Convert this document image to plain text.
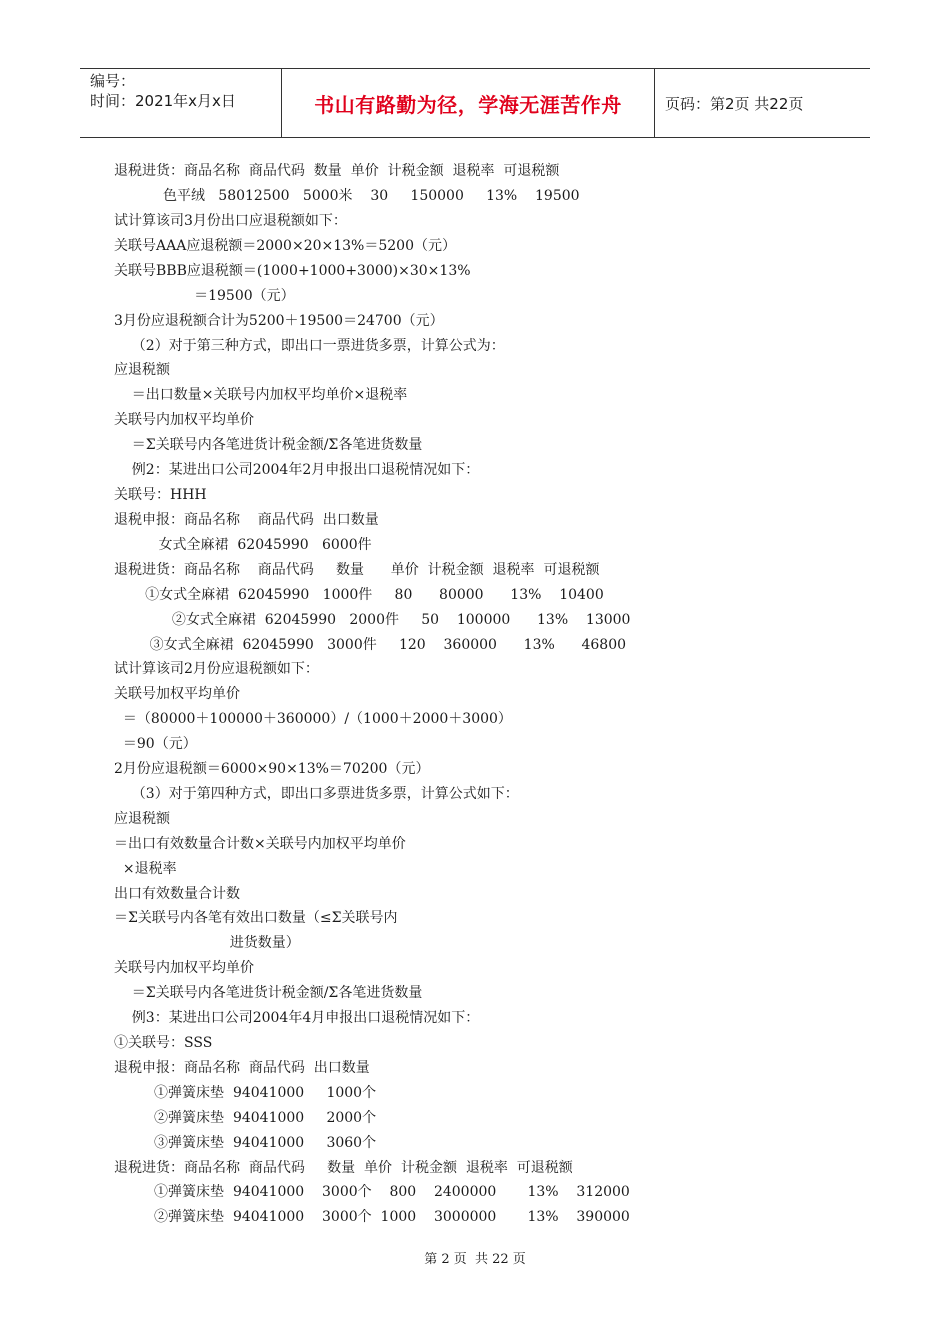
编号：
时间：2021年x月x日	书山有路勤为径，学海无涯苦作舟	页码：第2页 共22页
退税进货：商品名称  商品代码  数量  单价  计税金额  退税率  可退税额
色平绒   58012500   5000米    30     150000     13%    19500
试计算该司3月份出口应退税额如下：
关联号AAA应退税额＝2000×20×13%＝5200（元）
关联号BBB应退税额＝(1000+1000+3000)×30×13%
＝19500（元）
3月份应退税额合计为5200＋19500＝24700（元）
（2）对于第三种方式，即出口一票进货多票，计算公式为：
应退税额
＝出口数量×关联号内加权平均单价×退税率
关联号内加权平均单价
＝Σ关联号内各笔进货计税金额/Σ各笔进货数量
例2：某进出口公司2004年2月申报出口退税情况如下：
关联号：HHH
退税申报：商品名称    商品代码  出口数量
女式全麻裙  62045990   6000件
退税进货：商品名称    商品代码     数量      单价  计税金额  退税率  可退税额
①女式全麻裙  62045990   1000件     80      80000      13%    10400
②女式全麻裙  62045990   2000件     50    100000      13%    13000
③女式全麻裙  62045990   3000件     120    360000      13%      46800
试计算该司2月份应退税额如下：
关联号加权平均单价
＝（80000＋100000＋360000）/（1000＋2000＋3000）
＝90（元）
2月份应退税额＝6000×90×13%＝70200（元）
（3）对于第四种方式，即出口多票进货多票，计算公式如下：
应退税额
＝出口有效数量合计数×关联号内加权平均单价
×退税率
出口有效数量合计数
＝Σ关联号内各笔有效出口数量（≤Σ关联号内
进货数量）
关联号内加权平均单价
＝Σ关联号内各笔进货计税金额/Σ各笔进货数量
例3：某进出口公司2004年4月申报出口退税情况如下：
①关联号：SSS
退税申报：商品名称  商品代码  出口数量
①弹簧床垫  94041000     1000个
②弹簧床垫  94041000     2000个
③弹簧床垫  94041000     3060个
退税进货：商品名称  商品代码     数量  单价  计税金额  退税率  可退税额
①弹簧床垫  94041000    3000个    800    2400000       13%    312000
②弹簧床垫  94041000    3000个  1000    3000000       13%    390000
第 2 页  共 22 页
